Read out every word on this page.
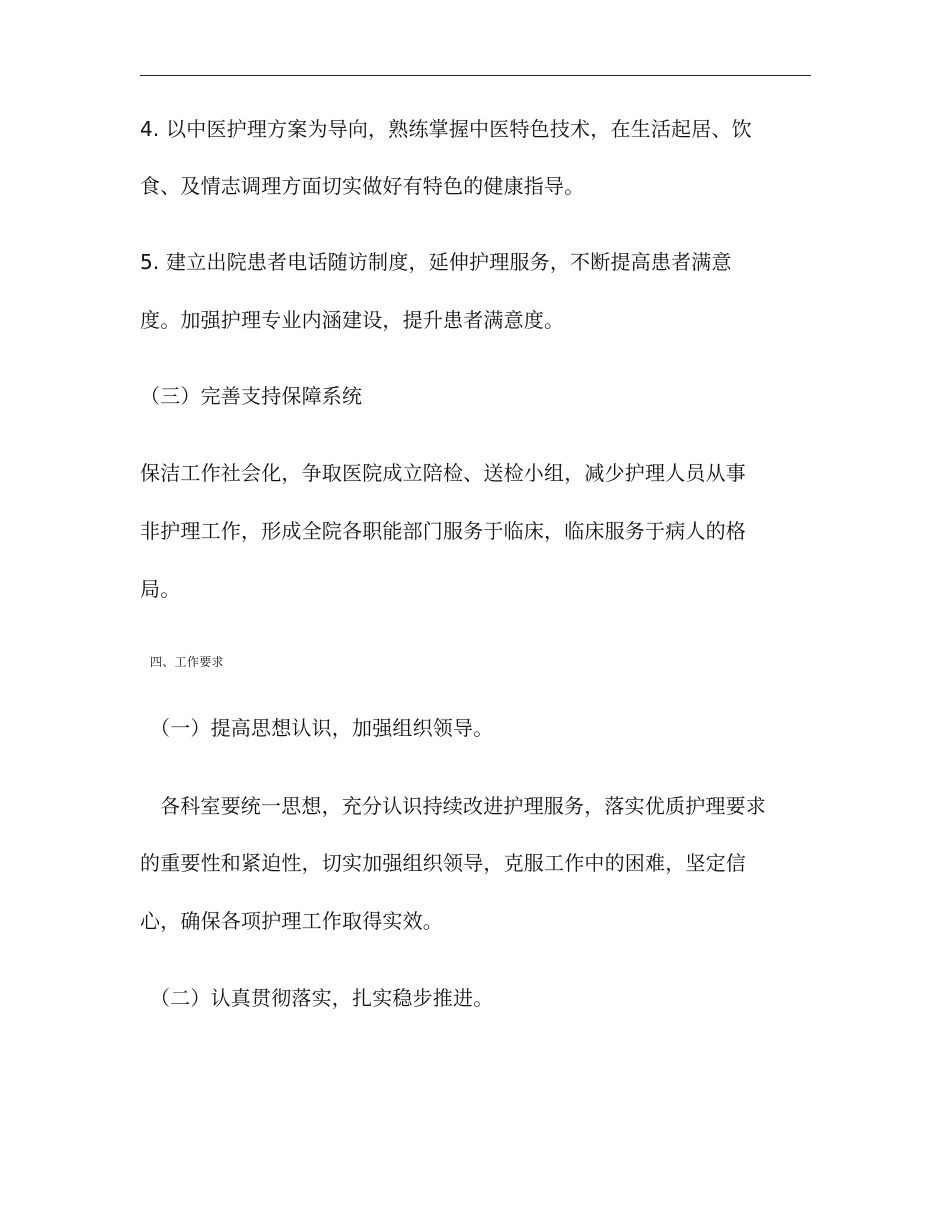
4. 以中医护理方案为导向，熟练掌握中医特色技术，在生活起居、饮
食、及情志调理方面切实做好有特色的健康指导。
5. 建立出院患者电话随访制度，延伸护理服务，不断提高患者满意
度。加强护理专业内涵建设，提升患者满意度。
（三）完善支持保障系统
保洁工作社会化，争取医院成立陪检、送检小组，减少护理人员从事
非护理工作，形成全院各职能部门服务于临床，临床服务于病人的格
局。
四、工作要求
（一）提高思想认识，加强组织领导。
各科室要统一思想，充分认识持续改进护理服务，落实优质护理要求
的重要性和紧迫性，切实加强组织领导，克服工作中的困难，坚定信
心，确保各项护理工作取得实效。
（二）认真贯彻落实，扎实稳步推进。
